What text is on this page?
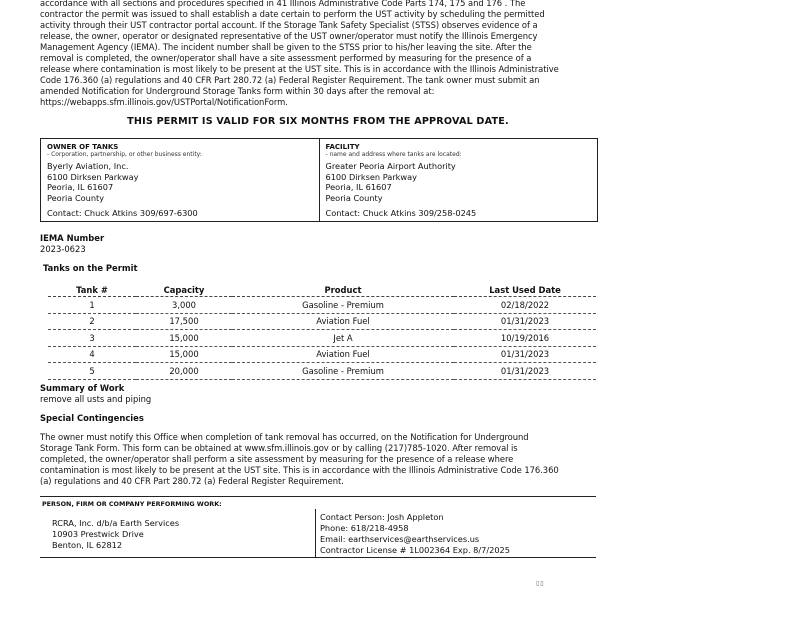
accordance with all sections and procedures specified in 41 Illinois Administrative Code Parts 174, 175 and 176 . The
contractor the permit was issued to shall establish a date certain to perform the UST activity by scheduling the permitted
activity through their UST contractor portal account. If the Storage Tank Safety Specialist (STSS) observes evidence of a
release, the owner, operator or designated representative of the UST owner/operator must notify the Illinois Emergency
Management Agency (IEMA). The incident number shall be given to the STSS prior to his/her leaving the site. After the
removal is completed, the owner/operator shall have a site assessment performed by measuring for the presence of a
release where contamination is most likely to be present at the UST site. This is in accordance with the Illinois Administrative
Code 176.360 (a) regulations and 40 CFR Part 280.72 (a) Federal Register Requirement. The tank owner must submit an
amended Notification for Underground Storage Tanks form within 30 days after the removal at:
https://webapps.sfm.illinois.gov/USTPortal/NotificationForm.
THIS PERMIT IS VALID FOR SIX MONTHS FROM THE APPROVAL DATE.
OWNER OF TANKS
- Corporation, partnership, or other business entity:
Byerly Aviation, Inc.
6100 Dirksen Parkway
Peoria, IL 61607
Peoria County
Contact: Chuck Atkins 309/697-6300
FACILITY
- name and address where tanks are located:
Greater Peoria Airport Authority
6100 Dirksen Parkway
Peoria, IL 61607
Peoria County
Contact: Chuck Atkins 309/258-0245
IEMA Number
2023-0623
Tanks on the Permit
Tank #	Capacity	Product	Last Used Date
1	3,000	Gasoline - Premium	02/18/2022
2	17,500	Aviation Fuel	01/31/2023
3	15,000	Jet A	10/19/2016
4	15,000	Aviation Fuel	01/31/2023
5	20,000	Gasoline - Premium	01/31/2023
Summary of Work
remove all usts and piping
Special Contingencies
The owner must notify this Office when completion of tank removal has occurred, on the Notification for Underground
Storage Tank Form. This form can be obtained at www.sfm.illinois.gov or by calling (217)785-1020. After removal is
completed, the owner/operator shall perform a site assessment by measuring for the presence of a release where
contamination is most likely to be present at the UST site. This is in accordance with the Illinois Administrative Code 176.360
(a) regulations and 40 CFR Part 280.72 (a) Federal Register Requirement.
PERSON, FIRM OR COMPANY PERFORMING WORK:
RCRA, Inc. d/b/a Earth Services
10903 Prestwick Drive
Benton, IL 62812
Contact Person: Josh Appleton
Phone: 618/218-4958
Email: earthservices@earthservices.us
Contractor License # 1L002364 Exp. 8/7/2025
▯▯
